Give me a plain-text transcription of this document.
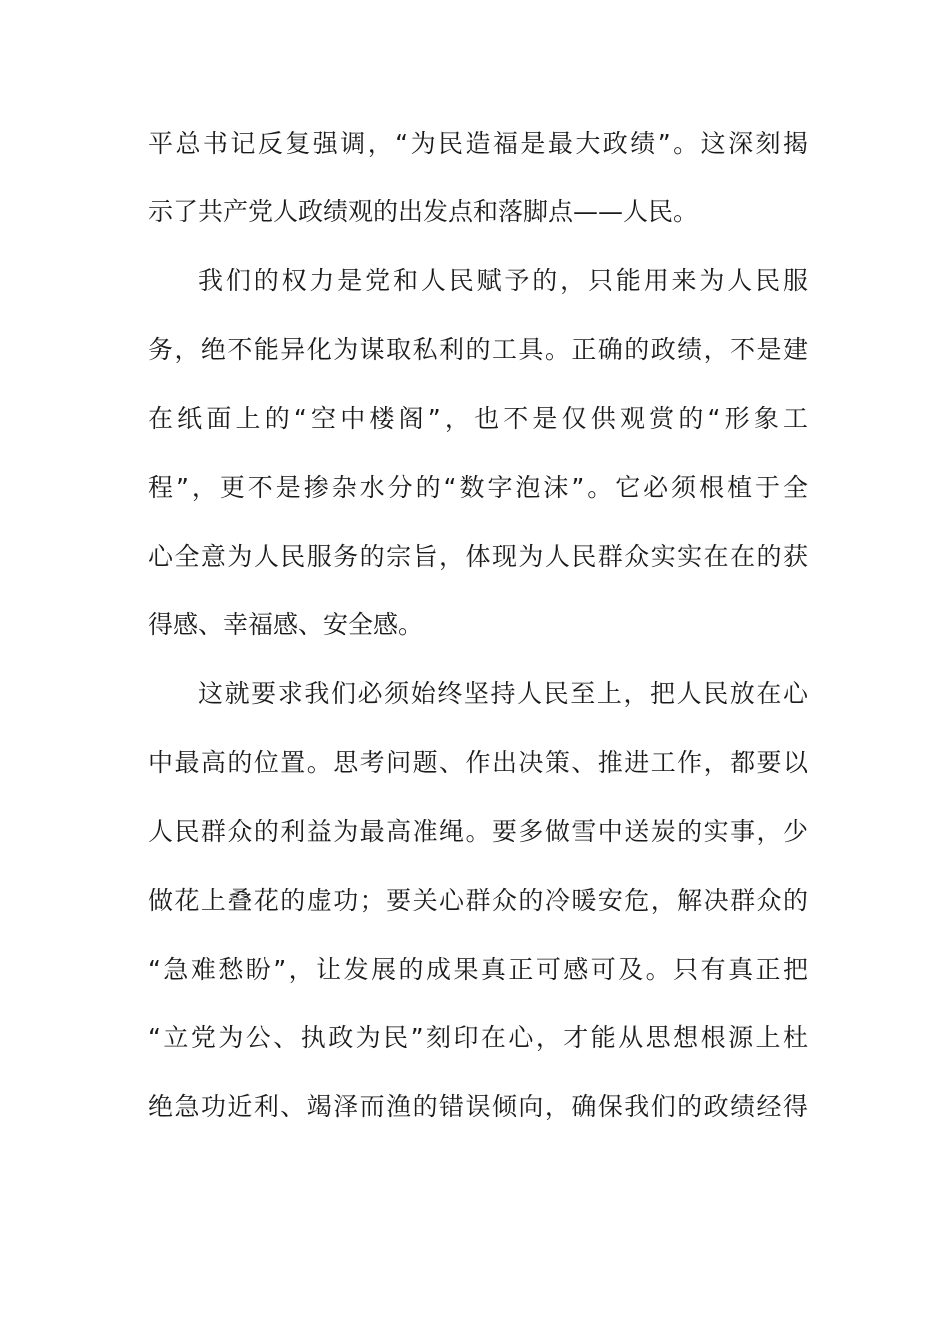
平总书记反复强调，“为民造福是最大政绩”。这深刻揭

示了共产党人政绩观的出发点和落脚点——人民。

我们的权力是党和人民赋予的，只能用来为人民服

务，绝不能异化为谋取私利的工具。正确的政绩，不是建

在纸面上的“空中楼阁”，也不是仅供观赏的“形象工

程”，更不是掺杂水分的“数字泡沫”。它必须根植于全

心全意为人民服务的宗旨，体现为人民群众实实在在的获

得感、幸福感、安全感。

这就要求我们必须始终坚持人民至上，把人民放在心

中最高的位置。思考问题、作出决策、推进工作，都要以

人民群众的利益为最高准绳。要多做雪中送炭的实事，少

做花上叠花的虚功；要关心群众的冷暖安危，解决群众的

“急难愁盼”，让发展的成果真正可感可及。只有真正把

“立党为公、执政为民”刻印在心，才能从思想根源上杜

绝急功近利、竭泽而渔的错误倾向，确保我们的政绩经得
